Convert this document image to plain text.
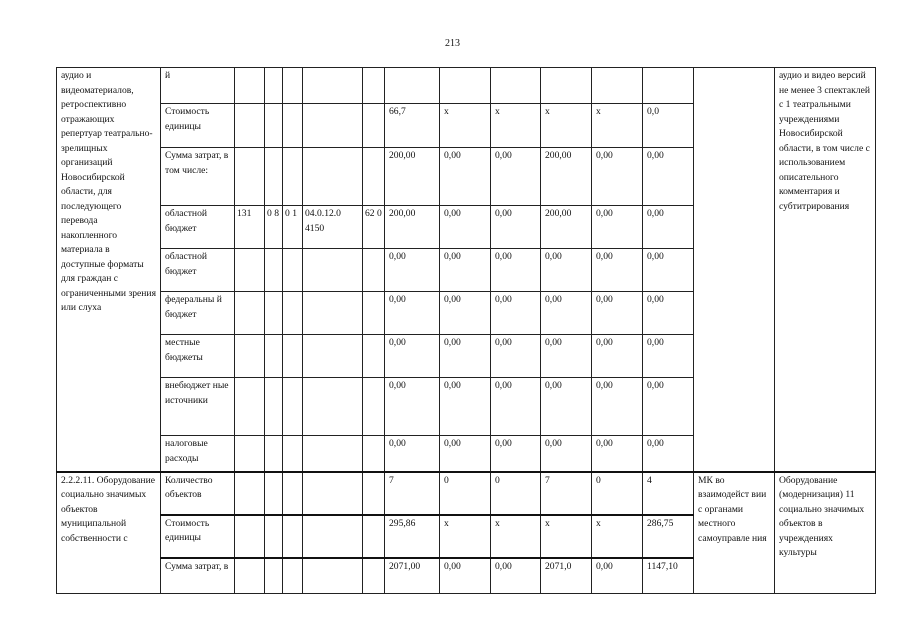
213
аудио и видеоматериалов, ретроспективно отражающих репертуар театрально-зрелищных организаций Новосибирской области, для последующего перевода накопленного материала в доступные форматы для граждан с ограниченными зрения или слуха	й													аудио и видео версий не менее 3 спектаклей с 1 театральными учреждениями Новосибирской области, в том числе с использованием описательного комментария и субтитрирования
	Стоимость единицы						66,7	x	x	x	x	0,0		
	Сумма затрат, в том числе:						200,00	0,00	0,00	200,00	0,00	0,00		
	областной бюджет	131	0 8	0 1	04.0.12.0 4150	62 0	200,00	0,00	0,00	200,00	0,00	0,00		
	областной бюджет						0,00	0,00	0,00	0,00	0,00	0,00		
	федеральны й бюджет						0,00	0,00	0,00	0,00	0,00	0,00		
	местные бюджеты						0,00	0,00	0,00	0,00	0,00	0,00		
	внебюджет ные источники						0,00	0,00	0,00	0,00	0,00	0,00		
	налоговые расходы						0,00	0,00	0,00	0,00	0,00	0,00		
2.2.2.11. Оборудование социально значимых объектов муниципальной собственности с	Количество объектов						7	0	0	7	0	4	МК во взаимодейст вии с органами местного самоуправле ния	Оборудование (модернизация) 11 социально значимых объектов в учреждениях культуры
	Стоимость единицы						295,86	x	x	x	x	286,75		
	Сумма затрат, в						2071,00	0,00	0,00	2071,0	0,00	1147,10		
